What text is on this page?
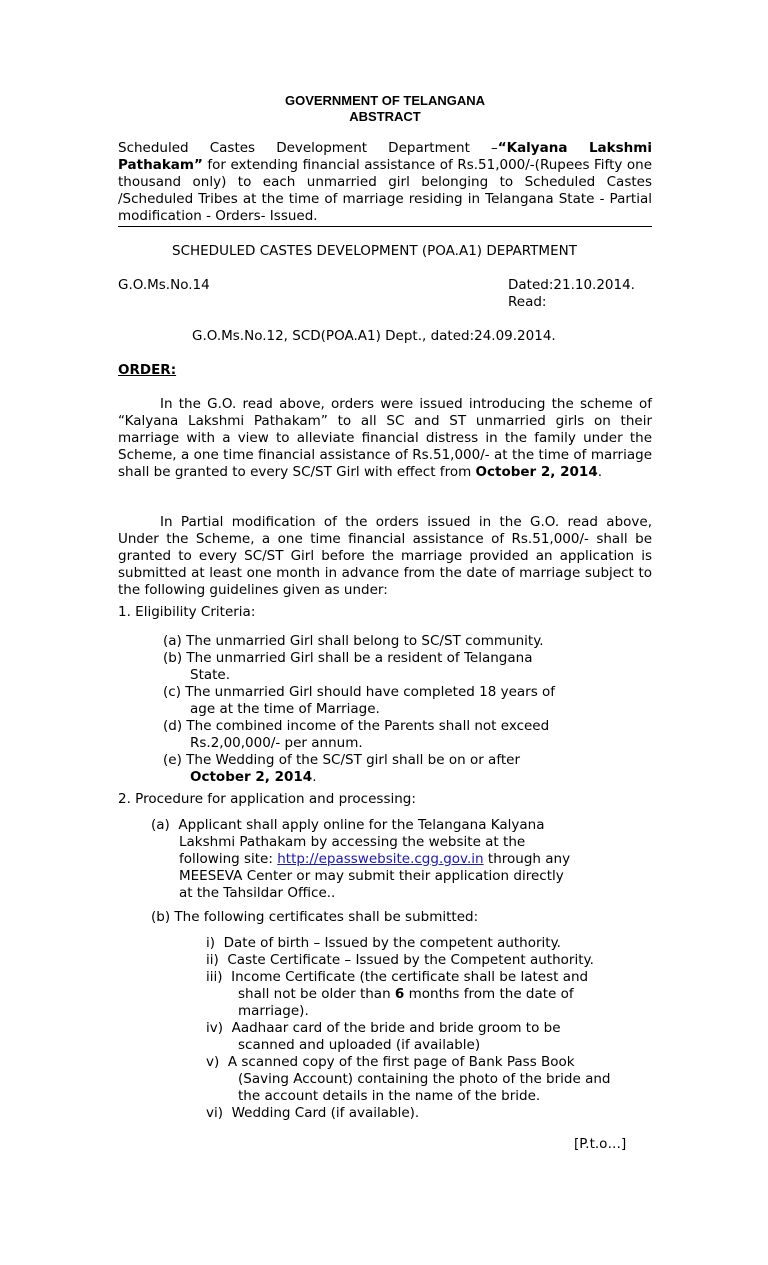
GOVERNMENT OF TELANGANA
ABSTRACT
Scheduled Castes Development Department –“Kalyana Lakshmi Pathakam” for extending financial assistance of Rs.51,000/-(Rupees Fifty one thousand only) to each unmarried girl belonging to Scheduled Castes /Scheduled Tribes at the time of marriage residing in Telangana State - Partial modification - Orders- Issued.
SCHEDULED CASTES DEVELOPMENT (POA.A1) DEPARTMENT
G.O.Ms.No.14	Dated:21.10.2014.
Read:
G.O.Ms.No.12, SCD(POA.A1) Dept., dated:24.09.2014.
ORDER:

In the G.O. read above, orders were issued introducing the scheme of “Kalyana Lakshmi Pathakam” to all SC and ST unmarried girls on their marriage with a view to alleviate financial distress in the family under the Scheme, a one time financial assistance of Rs.51,000/- at the time of marriage shall be granted to every SC/ST Girl with effect from October 2, 2014.

In Partial modification of the orders issued in the G.O. read above, Under the Scheme, a one time financial assistance of Rs.51,000/- shall be granted to every SC/ST Girl before the marriage provided an application is submitted at least one month in advance from the date of marriage subject to the following guidelines given as under:

1. Eligibility Criteria:
(a) The unmarried Girl shall belong to SC/ST community.
(b) The unmarried Girl shall be a resident of Telangana
State.
(c) The unmarried Girl should have completed 18 years of
age at the time of Marriage.
(d) The combined income of the Parents shall not exceed
Rs.2,00,000/- per annum.
(e) The Wedding of the SC/ST girl shall be on or after
October 2, 2014.
2. Procedure for application and processing:
(a) Applicant shall apply online for the Telangana Kalyana
Lakshmi Pathakam by accessing the website at the
following site: http://epasswebsite.cgg.gov.in through any
MEESEVA Center or may submit their application directly
at the Tahsildar Office..
(b) The following certificates shall be submitted:
i) Date of birth – Issued by the competent authority.
ii) Caste Certificate – Issued by the Competent authority.
iii) Income Certificate (the certificate shall be latest and
shall not be older than 6 months from the date of
marriage).
iv) Aadhaar card of the bride and bride groom to be
scanned and uploaded (if available)
v) A scanned copy of the first page of Bank Pass Book
(Saving Account) containing the photo of the bride and
the account details in the name of the bride.
vi) Wedding Card (if available).
[P.t.o…]
